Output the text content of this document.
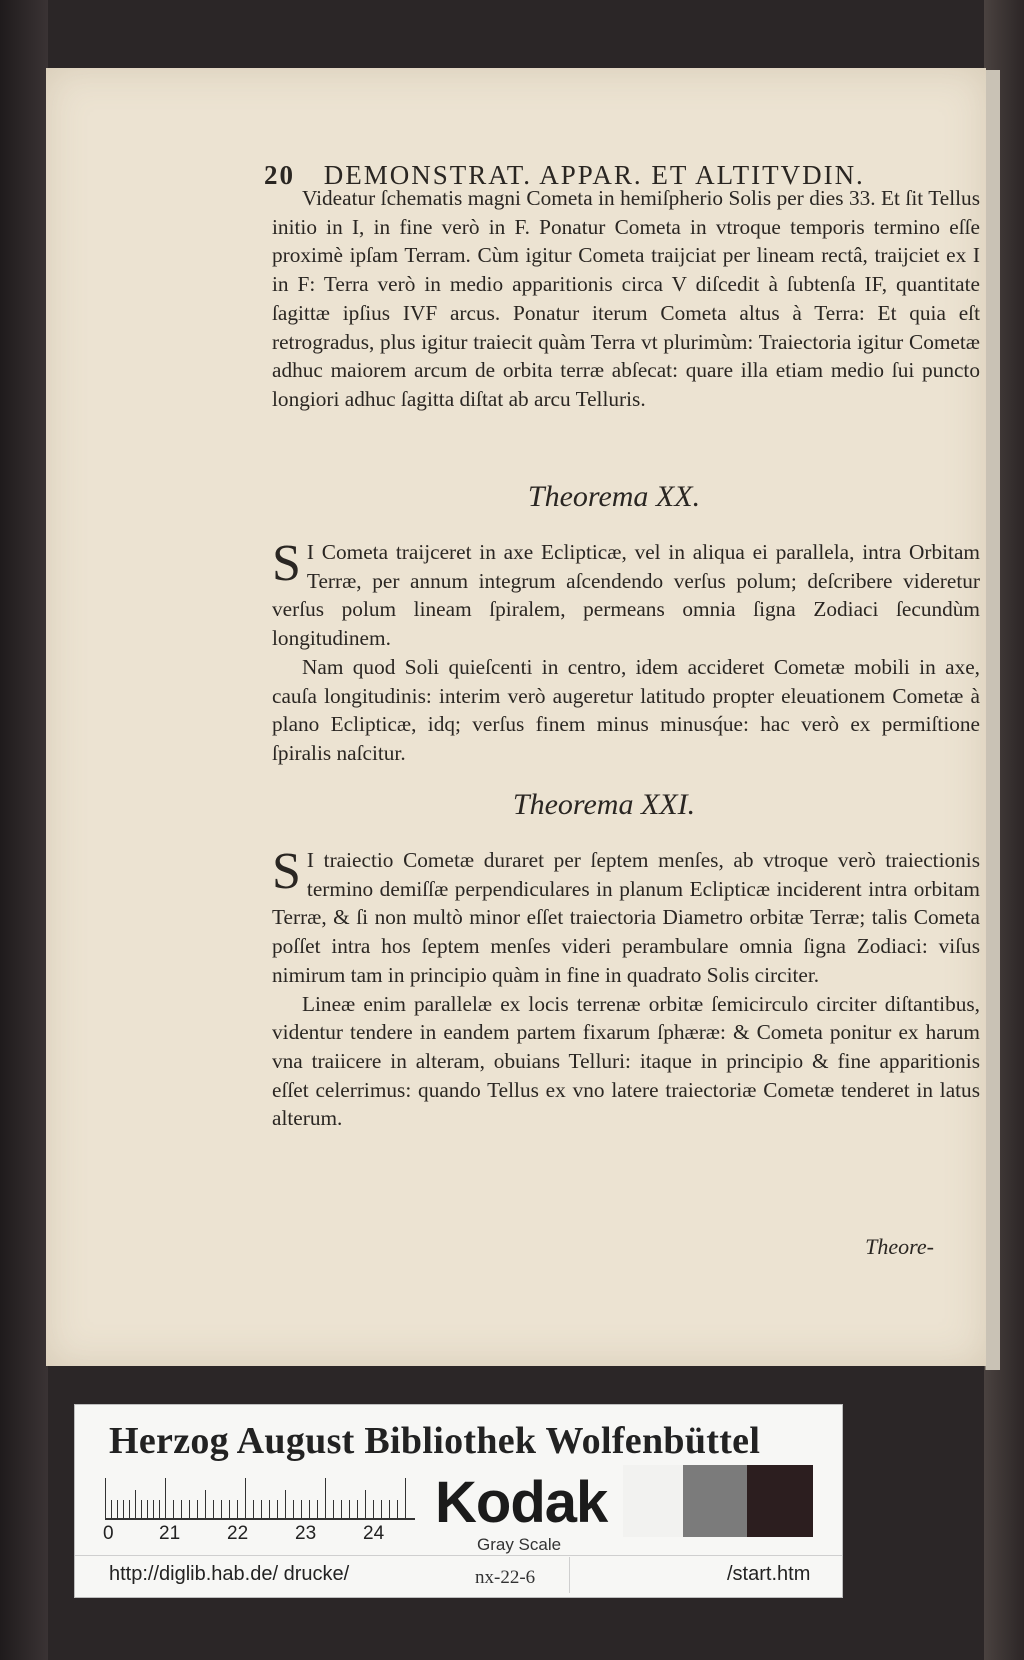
20 DEMONSTRAT. APPAR. ET ALTITVDIN.

Videatur ſchematis magni Cometa in hemiſpherio Solis per dies 33. Et ſit Tellus initio in I, in fine verò in F. Ponatur Cometa in vtroque temporis termino eſſe proximè ipſam Terram. Cùm igitur Cometa traijciat per lineam rectâ, traijciet ex I in F: Terra verò in medio apparitionis circa V diſcedit à ſubtenſa IF, quantitate ſagittæ ipſius IVF arcus. Ponatur iterum Cometa altus à Terra: Et quia eſt retrogradus, plus igitur traiecit quàm Terra vt plurimùm: Traiectoria igitur Cometæ adhuc maiorem arcum de orbita terræ abſecat: quare illa etiam medio ſui puncto longiori adhuc ſagitta diſtat ab arcu Telluris.

Theorema XX.

S I Cometa traijceret in axe Eclipticæ, vel in aliqua ei parallela, intra Orbitam Terræ, per annum integrum aſcendendo verſus polum; deſcribere videretur verſus polum lineam ſpiralem, permeans omnia ſigna Zodiaci ſecundùm longitudinem.

Nam quod Soli quieſcenti in centro, idem accideret Cometæ mobili in axe, cauſa longitudinis: interim verò augeretur latitudo propter eleuationem Cometæ à plano Eclipticæ, idq; verſus finem minus minusq́ue: hac verò ex permiſtione ſpiralis naſcitur.

Theorema XXI.

S I traiectio Cometæ duraret per ſeptem menſes, ab vtroque verò traiectionis termino demiſſæ perpendiculares in planum Eclipticæ inciderent intra orbitam Terræ, & ſi non multò minor eſſet traiectoria Diametro orbitæ Terræ; talis Cometa poſſet intra hos ſeptem menſes videri perambulare omnia ſigna Zodiaci: viſus nimirum tam in principio quàm in fine in quadrato Solis circiter.

Lineæ enim parallelæ ex locis terrenæ orbitæ ſemicirculo circiter diſtantibus, videntur tendere in eandem partem fixarum ſphæræ: & Cometa ponitur ex harum vna traiicere in alteram, obuians Telluri: itaque in principio & fine apparitionis eſſet celerrimus: quando Tellus ex vno latere traiectoriæ Cometæ tenderet in latus alterum.

Theore-
Herzog August Bibliothek Wolfenbüttel
0 21 22 23 24 Kodak
Gray Scale
http://diglib.hab.de/ drucke/	nx-22-6	/start.htm
